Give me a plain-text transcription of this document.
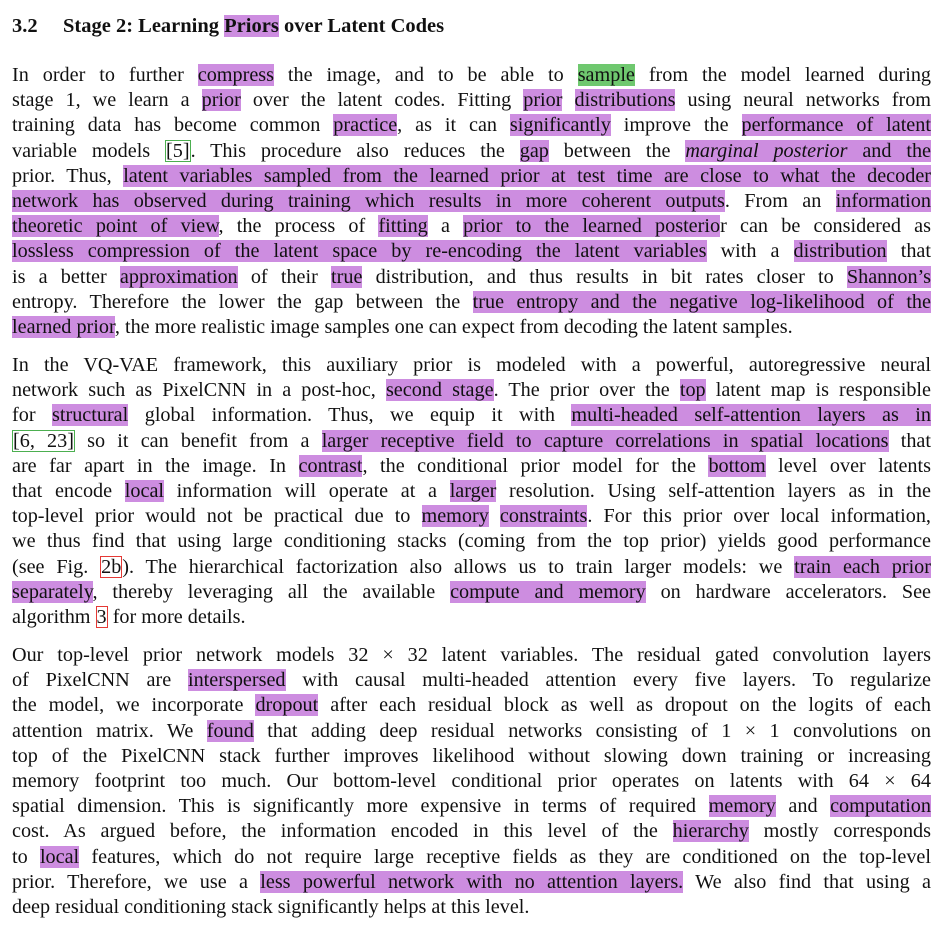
3.2 Stage 2: Learning Priors over Latent Codes
In order to further compress the image, and to be able to sample from the model learned during
stage 1, we learn a prior over the latent codes. Fitting prior distributions using neural networks from
training data has become common practice, as it can significantly improve the performance of latent
variable models [5]. This procedure also reduces the gap between the marginal posterior and the
prior. Thus, latent variables sampled from the learned prior at test time are close to what the decoder
network has observed during training which results in more coherent outputs. From an information
theoretic point of view, the process of fitting a prior to the learned posterior can be considered as
lossless compression of the latent space by re-encoding the latent variables with a distribution that
is a better approximation of their true distribution, and thus results in bit rates closer to Shannon’s
entropy. Therefore the lower the gap between the true entropy and the negative log-likelihood of the
learned prior, the more realistic image samples one can expect from decoding the latent samples.
In the VQ-VAE framework, this auxiliary prior is modeled with a powerful, autoregressive neural
network such as PixelCNN in a post-hoc, second stage. The prior over the top latent map is responsible
for structural global information. Thus, we equip it with multi-headed self-attention layers as in
[6, 23] so it can benefit from a larger receptive field to capture correlations in spatial locations that
are far apart in the image. In contrast, the conditional prior model for the bottom level over latents
that encode local information will operate at a larger resolution. Using self-attention layers as in the
top-level prior would not be practical due to memory constraints. For this prior over local information,
we thus find that using large conditioning stacks (coming from the top prior) yields good performance
(see Fig. 2b). The hierarchical factorization also allows us to train larger models: we train each prior
separately, thereby leveraging all the available compute and memory on hardware accelerators. See
algorithm 3 for more details.
Our top-level prior network models 32 × 32 latent variables. The residual gated convolution layers
of PixelCNN are interspersed with causal multi-headed attention every five layers. To regularize
the model, we incorporate dropout after each residual block as well as dropout on the logits of each
attention matrix. We found that adding deep residual networks consisting of 1 × 1 convolutions on
top of the PixelCNN stack further improves likelihood without slowing down training or increasing
memory footprint too much. Our bottom-level conditional prior operates on latents with 64 × 64
spatial dimension. This is significantly more expensive in terms of required memory and computation
cost. As argued before, the information encoded in this level of the hierarchy mostly corresponds
to local features, which do not require large receptive fields as they are conditioned on the top-level
prior. Therefore, we use a less powerful network with no attention layers. We also find that using a
deep residual conditioning stack significantly helps at this level.
